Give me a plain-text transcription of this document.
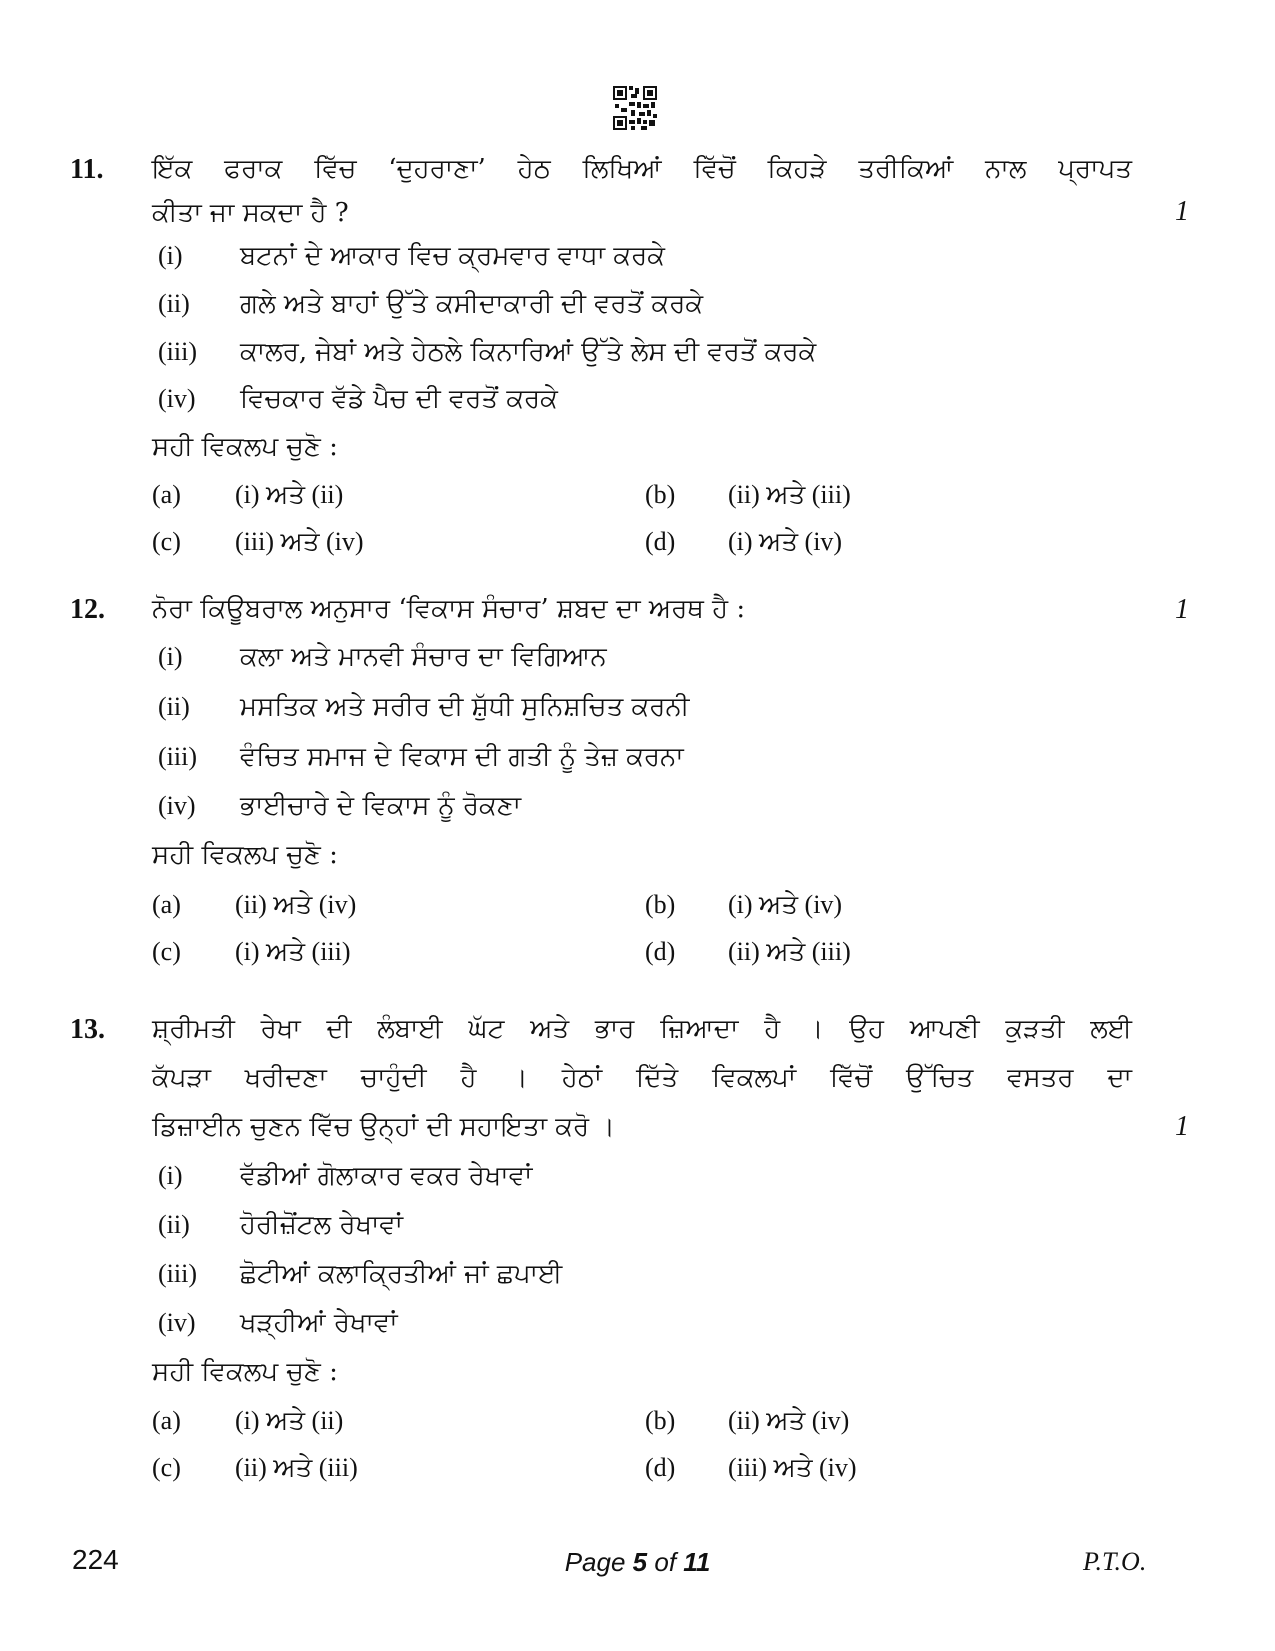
11. ਇੱਕ ਫਰਾਕ ਵਿੱਚ ‘ਦੁਹਰਾਣਾ’ ਹੇਠ ਲਿਖਿਆਂ ਵਿੱਚੋਂ ਕਿਹੜੇ ਤਰੀਕਿਆਂ ਨਾਲ ਪ੍ਰਾਪਤ
ਕੀਤਾ ਜਾ ਸਕਦਾ ਹੈ ?	1
(i) ਬਟਨਾਂ ਦੇ ਆਕਾਰ ਵਿਚ ਕ੍ਰਮਵਾਰ ਵਾਧਾ ਕਰਕੇ
(ii) ਗਲੇ ਅਤੇ ਬਾਹਾਂ ਉੱਤੇ ਕਸੀਦਾਕਾਰੀ ਦੀ ਵਰਤੋਂ ਕਰਕੇ
(iii) ਕਾਲਰ, ਜੇਬਾਂ ਅਤੇ ਹੇਠਲੇ ਕਿਨਾਰਿਆਂ ਉੱਤੇ ਲੇਸ ਦੀ ਵਰਤੋਂ ਕਰਕੇ
(iv) ਵਿਚਕਾਰ ਵੱਡੇ ਪੈਚ ਦੀ ਵਰਤੋਂ ਕਰਕੇ
ਸਹੀ ਵਿਕਲਪ ਚੁਣੋ :
(a) (i) ਅਤੇ (ii)	(b) (ii) ਅਤੇ (iii)
(c) (iii) ਅਤੇ (iv)	(d) (i) ਅਤੇ (iv)
12. ਨੋਰਾ ਕਿਊਬਰਾਲ ਅਨੁਸਾਰ ‘ਵਿਕਾਸ ਸੰਚਾਰ’ ਸ਼ਬਦ ਦਾ ਅਰਥ ਹੈ :	1
(i) ਕਲਾ ਅਤੇ ਮਾਨਵੀ ਸੰਚਾਰ ਦਾ ਵਿਗਿਆਨ
(ii) ਮਸਤਿਕ ਅਤੇ ਸਰੀਰ ਦੀ ਸ਼ੁੱਧੀ ਸੁਨਿਸ਼ਚਿਤ ਕਰਨੀ
(iii) ਵੰਚਿਤ ਸਮਾਜ ਦੇ ਵਿਕਾਸ ਦੀ ਗਤੀ ਨੂੰ ਤੇਜ਼ ਕਰਨਾ
(iv) ਭਾਈਚਾਰੇ ਦੇ ਵਿਕਾਸ ਨੂੰ ਰੋਕਣਾ
ਸਹੀ ਵਿਕਲਪ ਚੁਣੋ :
(a) (ii) ਅਤੇ (iv)	(b) (i) ਅਤੇ (iv)
(c) (i) ਅਤੇ (iii)	(d) (ii) ਅਤੇ (iii)
13. ਸ਼੍ਰੀਮਤੀ ਰੇਖਾ ਦੀ ਲੰਬਾਈ ਘੱਟ ਅਤੇ ਭਾਰ ਜ਼ਿਆਦਾ ਹੈ । ਉਹ ਆਪਣੀ ਕੁੜਤੀ ਲਈ
ਕੱਪੜਾ ਖਰੀਦਣਾ ਚਾਹੁੰਦੀ ਹੈ । ਹੇਠਾਂ ਦਿੱਤੇ ਵਿਕਲਪਾਂ ਵਿੱਚੋਂ ਉੱਚਿਤ ਵਸਤਰ ਦਾ
ਡਿਜ਼ਾਈਨ ਚੁਣਨ ਵਿੱਚ ਉਨ੍ਹਾਂ ਦੀ ਸਹਾਇਤਾ ਕਰੋ ।	1
(i) ਵੱਡੀਆਂ ਗੋਲਾਕਾਰ ਵਕਰ ਰੇਖਾਵਾਂ
(ii) ਹੋਰੀਜ਼ੋਂਟਲ ਰੇਖਾਵਾਂ
(iii) ਛੋਟੀਆਂ ਕਲਾਕ੍ਰਿਤੀਆਂ ਜਾਂ ਛਪਾਈ
(iv) ਖੜ੍ਹੀਆਂ ਰੇਖਾਵਾਂ
ਸਹੀ ਵਿਕਲਪ ਚੁਣੋ :
(a) (i) ਅਤੇ (ii)	(b) (ii) ਅਤੇ (iv)
(c) (ii) ਅਤੇ (iii)	(d) (iii) ਅਤੇ (iv)
224	Page 5 of 11	P.T.O.
